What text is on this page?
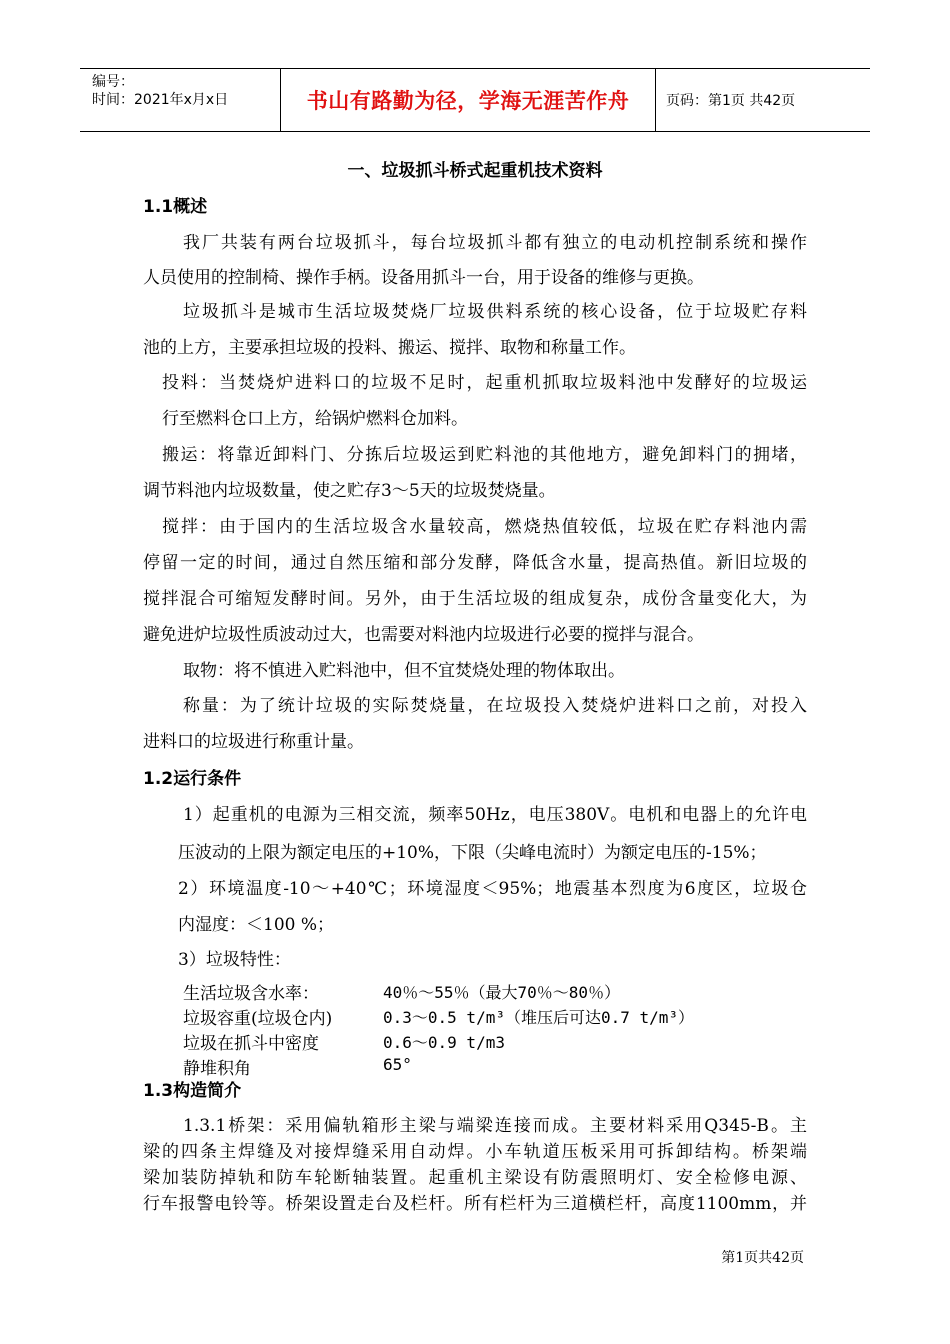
编号：
时间：2021年x月x日	书山有路勤为径，学海无涯苦作舟	页码：第1页 共42页
一、垃圾抓斗桥式起重机技术资料
1.1概述
我厂共装有两台垃圾抓斗，每台垃圾抓斗都有独立的电动机控制系统和操作
人员使用的控制椅、操作手柄。设备用抓斗一台，用于设备的维修与更换。
垃圾抓斗是城市生活垃圾焚烧厂垃圾供料系统的核心设备，位于垃圾贮存料
池的上方，主要承担垃圾的投料、搬运、搅拌、取物和称量工作。
投料：当焚烧炉进料口的垃圾不足时，起重机抓取垃圾料池中发酵好的垃圾运
行至燃料仓口上方，给锅炉燃料仓加料。
搬运：将靠近卸料门、分拣后垃圾运到贮料池的其他地方，避免卸料门的拥堵，
调节料池内垃圾数量，使之贮存3～5天的垃圾焚烧量。
搅拌：由于国内的生活垃圾含水量较高，燃烧热值较低，垃圾在贮存料池内需
停留一定的时间，通过自然压缩和部分发酵，降低含水量，提高热值。新旧垃圾的
搅拌混合可缩短发酵时间。另外，由于生活垃圾的组成复杂，成份含量变化大，为
避免进炉垃圾性质波动过大，也需要对料池内垃圾进行必要的搅拌与混合。
取物：将不慎进入贮料池中，但不宜焚烧处理的物体取出。
称量：为了统计垃圾的实际焚烧量，在垃圾投入焚烧炉进料口之前，对投入
进料口的垃圾进行称重计量。
1.2运行条件
1）起重机的电源为三相交流，频率50Hz，电压380V。电机和电器上的允许电
压波动的上限为额定电压的+10%，下限（尖峰电流时）为额定电压的-15%；
2）环境温度-10～+40℃；环境湿度＜95%；地震基本烈度为6度区，垃圾仓
内湿度：＜100 %；
3）垃圾特性：
生活垃圾含水率：	40％～55％（最大70％～80％）
垃圾容重(垃圾仓内)	0.3～0.5 t/m³（堆压后可达0.7 t/m³）
垃圾在抓斗中密度	0.6～0.9 t/m3
静堆积角	65°
1.3构造简介
1.3.1桥架：采用偏轨箱形主梁与端梁连接而成。主要材料采用Q345-B。主
梁的四条主焊缝及对接焊缝采用自动焊。小车轨道压板采用可拆卸结构。桥架端
梁加装防掉轨和防车轮断轴装置。起重机主梁设有防震照明灯、安全检修电源、
行车报警电铃等。桥架设置走台及栏杆。所有栏杆为三道横栏杆，高度1100mm，并
第1页共42页
